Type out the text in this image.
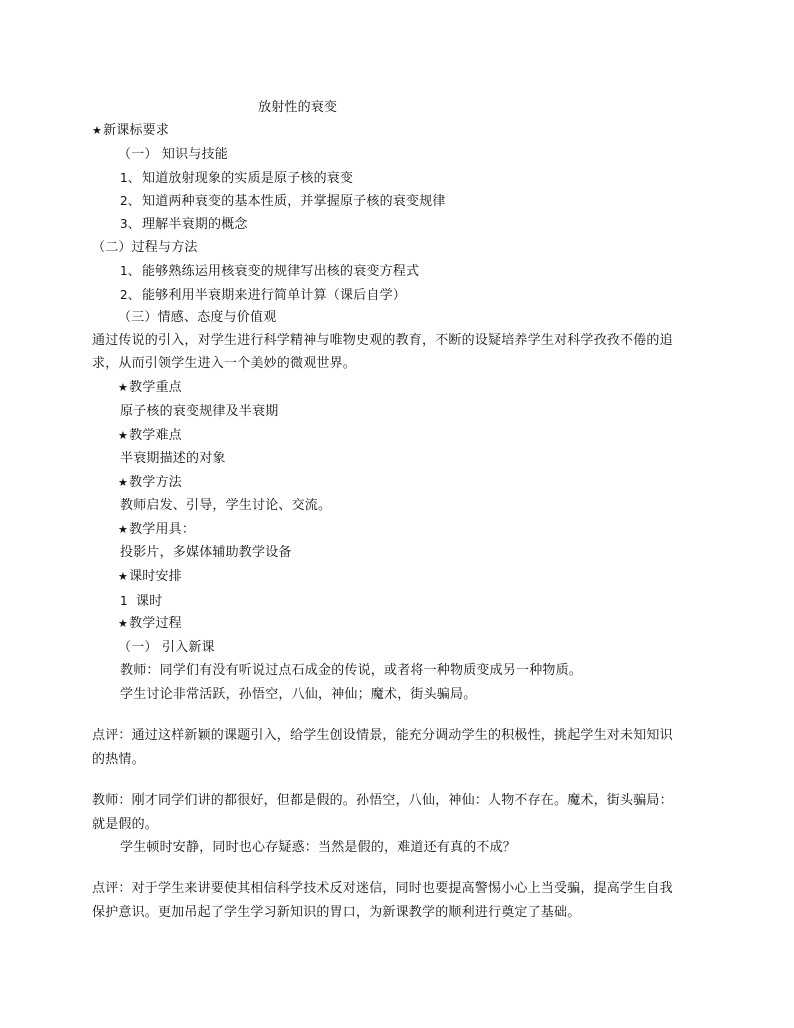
放射性的衰变
★ 新课标要求
（一） 知识与技能
1、 知道放射现象的实质是原子核的衰变
2、 知道两种衰变的基本性质，并掌握原子核的衰变规律
3、 理解半衰期的概念
（二）过程与方法
1、 能够熟练运用核衰变的规律写出核的衰变方程式
2、 能够利用半衰期来进行简单计算（课后自学）
（三）情感、态度与价值观
通过传说的引入，对学生进行科学精神与唯物史观的教育，不断的设疑培养学生对科学孜孜不倦的追
求，从而引领学生进入一个美妙的微观世界。
★ 教学重点
原子核的衰变规律及半衰期
★ 教学难点
半衰期描述的对象
★ 教学方法
教师启发、引导，学生讨论、交流。
★ 教学用具：
投影片，多媒体辅助教学设备
★ 课时安排
1 课时
★ 教学过程
（一） 引入新课
教师：同学们有没有听说过点石成金的传说，或者将一种物质变成另一种物质。
学生讨论非常活跃，孙悟空，八仙，神仙；魔术，街头骗局。
点评：通过这样新颖的课题引入，给学生创设情景，能充分调动学生的积极性，挑起学生对未知知识
的热情。
教师：刚才同学们讲的都很好，但都是假的。孙悟空，八仙，神仙：人物不存在。魔术，街头骗局：
就是假的。
学生顿时安静，同时也心存疑惑：当然是假的，难道还有真的不成？
点评：对于学生来讲要使其相信科学技术反对迷信，同时也要提高警惕小心上当受骗，提高学生自我
保护意识。更加吊起了学生学习新知识的胃口，为新课教学的顺利进行奠定了基础。
